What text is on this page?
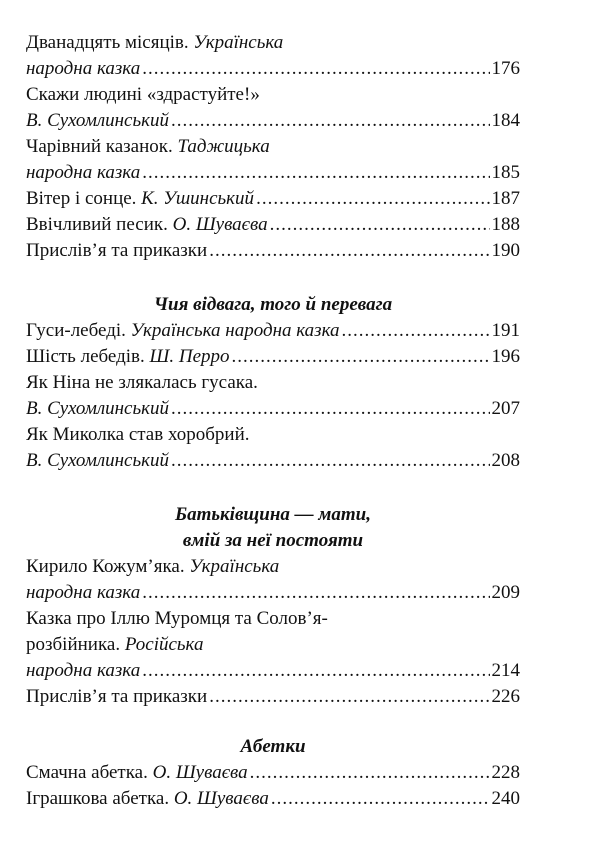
Дванадцять місяців. Українська
народна казка .....	176
Скажи людині «здрастуйте!»
В. Сухомлинський .....	184
Чарівний казанок. Таджицька
народна казка .....	185
Вітер і сонце. К. Ушинський .....	187
Ввічливий песик. О. Шуваєва .....	188
Прислів’я та приказки .....	190
Чия відвага, того й перевага
Гуси-лебеді. Українська народна казка .....	191
Шість лебедів. Ш. Перро .....	196
Як Ніна не злякалась гусака.
В. Сухомлинський .....	207
Як Миколка став хоробрий.
В. Сухомлинський .....	208
Батьківщина — мати,
вмій за неї постояти
Кирило Кожум’яка. Українська
народна казка .....	209
Казка про Іллю Муромця та Солов’я-
розбійника. Російська
народна казка .....	214
Прислів’я та приказки .....	226
Абетки
Смачна абетка. О. Шуваєва .....	228
Іграшкова абетка. О. Шуваєва .....	240
